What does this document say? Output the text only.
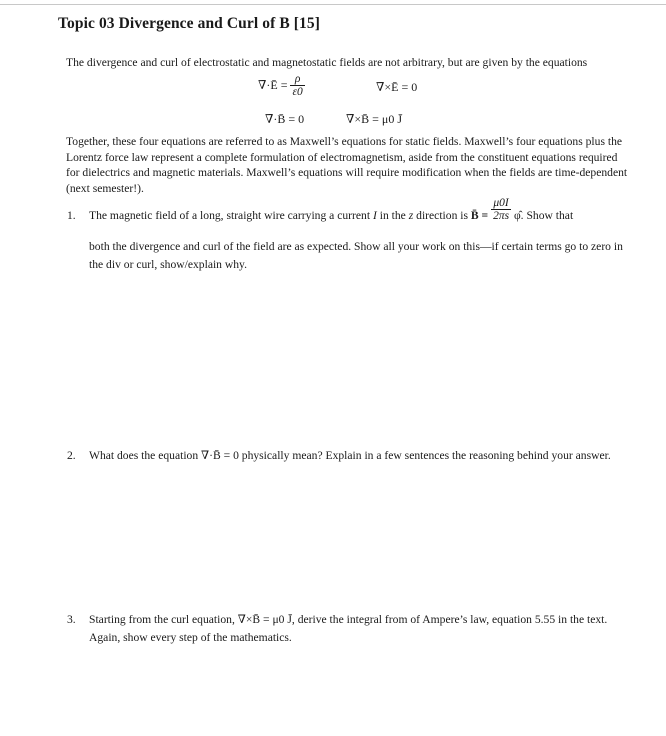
Topic 03 Divergence and Curl of B [15]
The divergence and curl of electrostatic and magnetostatic fields are not arbitrary, but are given by the equations
∇̄·Ē = $\frac{\rho}{\varepsilon 0}$	∇̄×Ē = 0
∇̄·B̄ = 0	∇̄×B̄ = μ0 J̄
Together, these four equations are referred to as Maxwell’s equations for static fields. Maxwell’s four equations plus the Lorentz force law represent a complete formulation of electromagnetism, aside from the constituent equations required for dielectrics and magnetic materials. Maxwell’s equations will require modification when the fields are time-dependent (next semester!).
1. The magnetic field of a long, straight wire carrying a current I in the z direction is B̄ = $\frac{\mu 0I}{2\pi s}$ φ̂. Show that
both the divergence and curl of the field are as expected. Show all your work on this—if certain terms go to zero in the div or curl, show/explain why.
2. What does the equation ∇̄·B̄ = 0 physically mean? Explain in a few sentences the reasoning behind your answer.
3. Starting from the curl equation, ∇̄×B̄ = μ0 J̄, derive the integral from of Ampere’s law, equation 5.55 in the text. Again, show every step of the mathematics.
